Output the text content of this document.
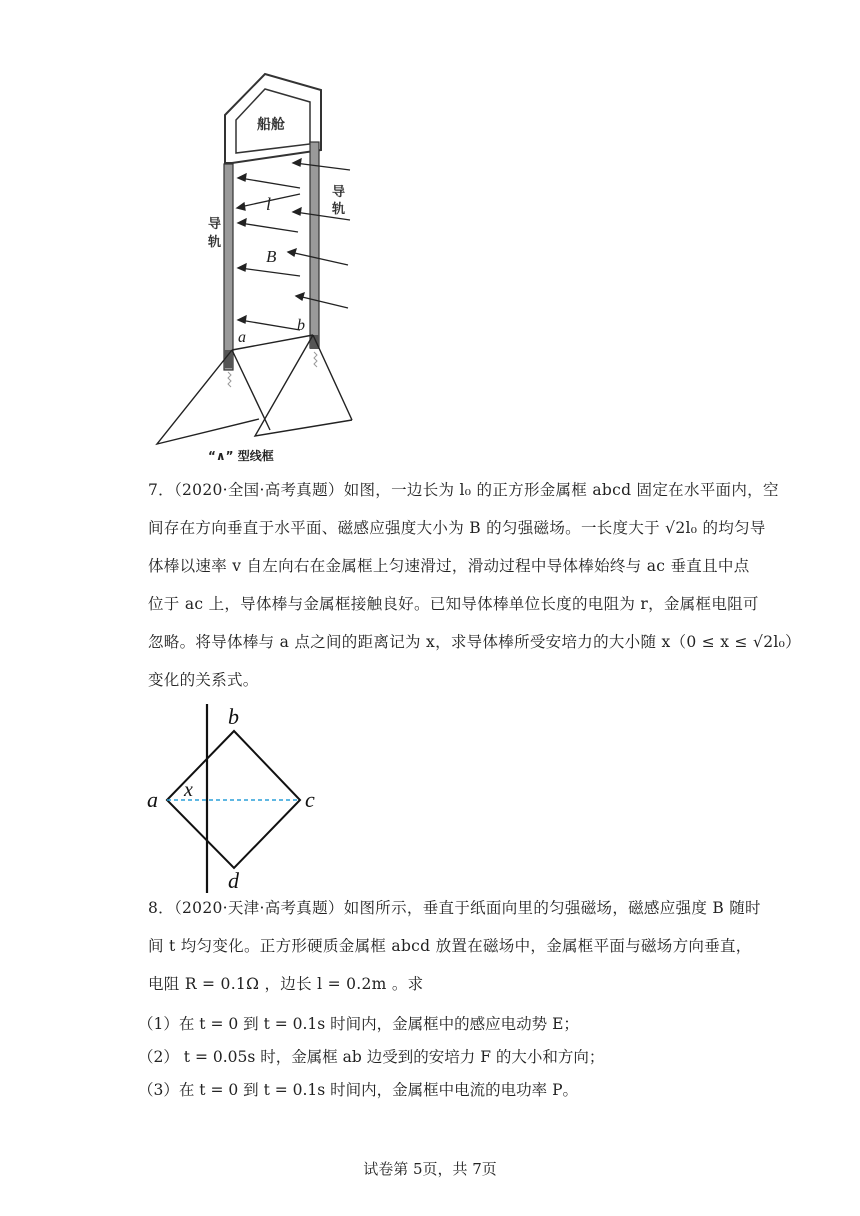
船舱
导
轨
导
轨
l
B
a
b
“∧” 型线框
7．（2020·全国·高考真题）如图，一边长为 l₀ 的正方形金属框 abcd 固定在水平面内，空
间存在方向垂直于水平面、磁感应强度大小为 B 的匀强磁场。一长度大于 √2l₀ 的均匀导
体棒以速率 v 自左向右在金属框上匀速滑过，滑动过程中导体棒始终与 ac 垂直且中点
位于 ac 上，导体棒与金属框接触良好。已知导体棒单位长度的电阻为 r，金属框电阻可
忽略。将导体棒与 a 点之间的距离记为 x，求导体棒所受安培力的大小随 x（0 ≤ x ≤ √2l₀）
变化的关系式。
a
b
c
d
x
8．（2020·天津·高考真题）如图所示，垂直于纸面向里的匀强磁场，磁感应强度 B 随时
间 t 均匀变化。正方形硬质金属框 abcd 放置在磁场中，金属框平面与磁场方向垂直，
电阻 R = 0.1Ω ，边长 l = 0.2m 。求
（1）在 t = 0 到 t = 0.1s 时间内，金属框中的感应电动势 E；
（2） t = 0.05s 时，金属框 ab 边受到的安培力 F 的大小和方向；
（3）在 t = 0 到 t = 0.1s 时间内，金属框中电流的电功率 P。
试卷第 5页，共 7页
